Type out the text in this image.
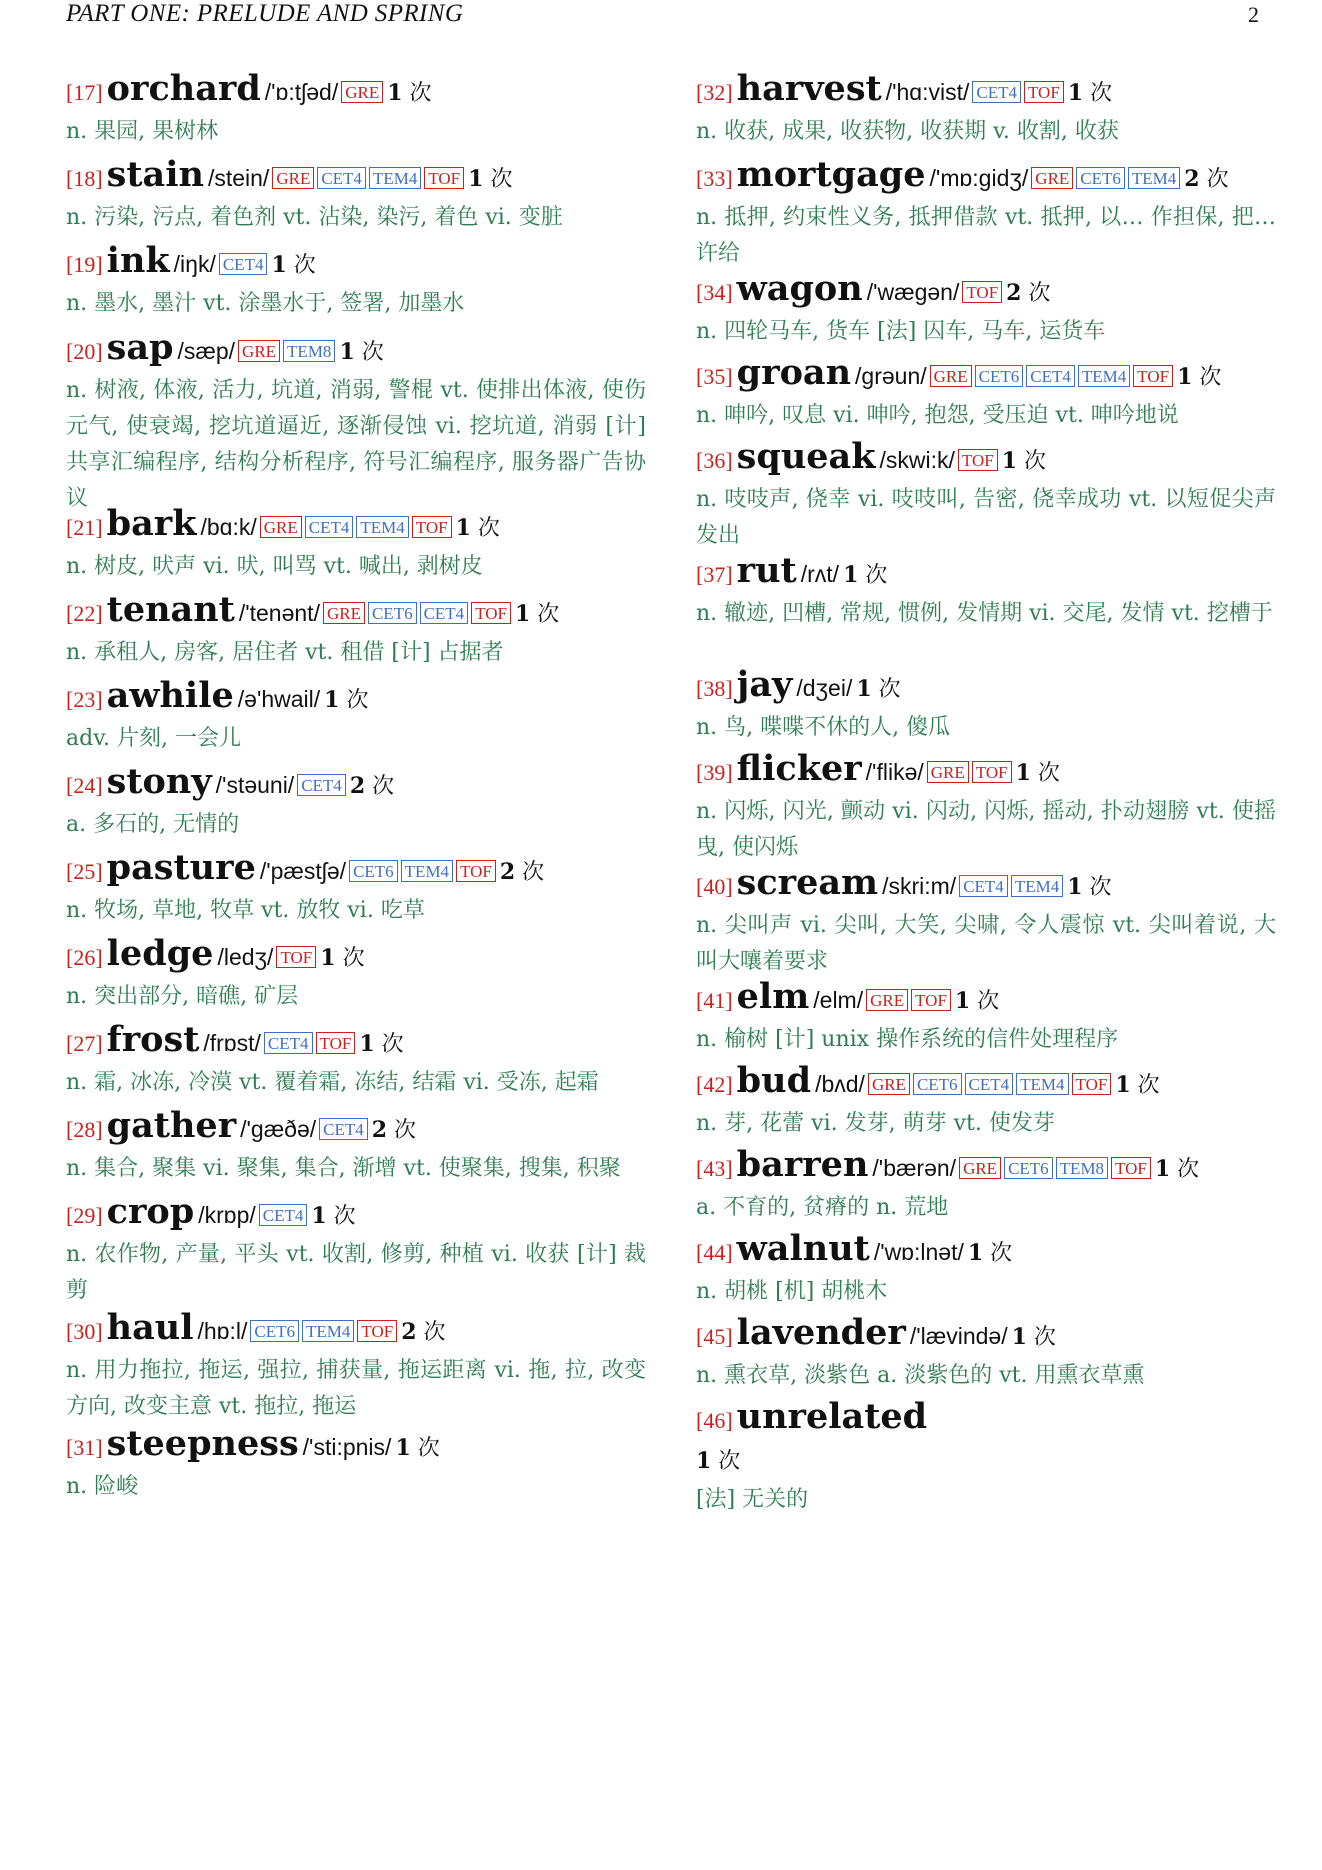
PART ONE: PRELUDE AND SPRING	2
[17] orchard /'ɒ:tʃəd/ GRE 1 次
n. 果园, 果树林
[18] stain /stein/ GRE CET4 TEM4 TOF 1 次
n. 污染, 污点, 着色剂 vt. 沾染, 染污, 着色 vi. 变脏
[19] ink /iŋk/ CET4 1 次
n. 墨水, 墨汁 vt. 涂墨水于, 签署, 加墨水
[20] sap /sæp/ GRE TEM8 1 次
n. 树液, 体液, 活力, 坑道, 消弱, 警棍 vt. 使排出体液, 使伤元气, 使衰竭, 挖坑道逼近, 逐渐侵蚀 vi. 挖坑道, 消弱 [计] 共享汇编程序, 结构分析程序, 符号汇编程序, 服务器广告协议
[21] bark /bɑ:k/ GRE CET4 TEM4 TOF 1 次
n. 树皮, 吠声 vi. 吠, 叫骂 vt. 喊出, 剥树皮
[22] tenant /'tenənt/ GRE CET6 CET4 TOF 1 次
n. 承租人, 房客, 居住者 vt. 租借 [计] 占据者
[23] awhile /ə'hwail/ 1 次
adv. 片刻, 一会儿
[24] stony /'stəuni/ CET4 2 次
a. 多石的, 无情的
[25] pasture /'pæstʃə/ CET6 TEM4 TOF 2 次
n. 牧场, 草地, 牧草 vt. 放牧 vi. 吃草
[26] ledge /ledʒ/ TOF 1 次
n. 突出部分, 暗礁, 矿层
[27] frost /frɒst/ CET4 TOF 1 次
n. 霜, 冰冻, 冷漠 vt. 覆着霜, 冻结, 结霜 vi. 受冻, 起霜
[28] gather /'gæðə/ CET4 2 次
n. 集合, 聚集 vi. 聚集, 集合, 渐增 vt. 使聚集, 搜集, 积聚
[29] crop /krɒp/ CET4 1 次
n. 农作物, 产量, 平头 vt. 收割, 修剪, 种植 vi. 收获 [计] 裁剪
[30] haul /hɒ:l/ CET6 TEM4 TOF 2 次
n. 用力拖拉, 拖运, 强拉, 捕获量, 拖运距离 vi. 拖, 拉, 改变方向, 改变主意 vt. 拖拉, 拖运
[31] steepness /'sti:pnis/ 1 次
n. 险峻
[32] harvest /'hɑ:vist/ CET4 TOF 1 次
n. 收获, 成果, 收获物, 收获期 v. 收割, 收获
[33] mortgage /'mɒ:gidʒ/ GRE CET6 TEM4 2 次
n. 抵押, 约束性义务, 抵押借款 vt. 抵押, 以… 作担保, 把… 许给
[34] wagon /'wægən/ TOF 2 次
n. 四轮马车, 货车 [法] 囚车, 马车, 运货车
[35] groan /grəun/ GRE CET6 CET4 TEM4 TOF 1 次
n. 呻吟, 叹息 vi. 呻吟, 抱怨, 受压迫 vt. 呻吟地说
[36] squeak /skwi:k/ TOF 1 次
n. 吱吱声, 侥幸 vi. 吱吱叫, 告密, 侥幸成功 vt. 以短促尖声发出
[37] rut /rʌt/ 1 次
n. 辙迹, 凹槽, 常规, 惯例, 发情期 vi. 交尾, 发情 vt. 挖槽于
[38] jay /dʒei/ 1 次
n. 鸟, 喋喋不休的人, 傻瓜
[39] flicker /'flikə/ GRE TOF 1 次
n. 闪烁, 闪光, 颤动 vi. 闪动, 闪烁, 摇动, 扑动翅膀 vt. 使摇曳, 使闪烁
[40] scream /skri:m/ CET4 TEM4 1 次
n. 尖叫声 vi. 尖叫, 大笑, 尖啸, 令人震惊 vt. 尖叫着说, 大叫大嚷着要求
[41] elm /elm/ GRE TOF 1 次
n. 榆树 [计] unix 操作系统的信件处理程序
[42] bud /bʌd/ GRE CET6 CET4 TEM4 TOF 1 次
n. 芽, 花蕾 vi. 发芽, 萌芽 vt. 使发芽
[43] barren /'bærən/ GRE CET6 TEM8 TOF 1 次
a. 不育的, 贫瘠的 n. 荒地
[44] walnut /'wɒ:lnət/ 1 次
n. 胡桃 [机] 胡桃木
[45] lavender /'lævində/ 1 次
n. 熏衣草, 淡紫色 a. 淡紫色的 vt. 用熏衣草熏
[46] unrelated
1 次
[法] 无关的
